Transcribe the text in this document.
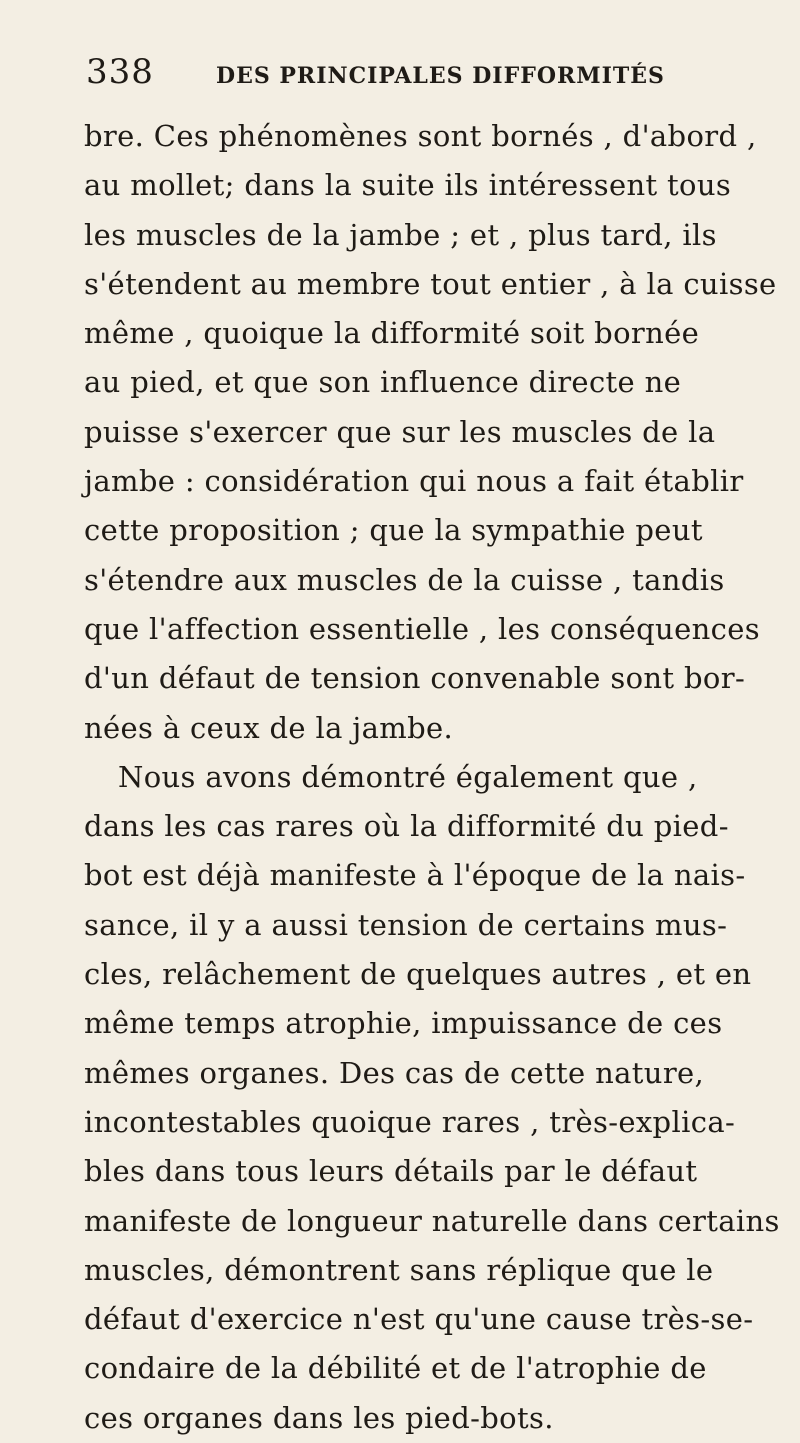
338	DES PRINCIPALES DIFFORMITÉS
bre. Ces phénomènes sont bornés , d'abord ,
au mollet; dans la suite ils intéressent tous
les muscles de la jambe ; et , plus tard, ils
s'étendent au membre tout entier , à la cuisse
même , quoique la difformité soit bornée
au pied, et que son influence directe ne
puisse s'exercer que sur les muscles de la
jambe : considération qui nous a fait établir
cette proposition ; que la sympathie peut
s'étendre aux muscles de la cuisse , tandis
que l'affection essentielle , les conséquences
d'un défaut de tension convenable sont bor-
nées à ceux de la jambe.
Nous avons démontré également que ,
dans les cas rares où la difformité du pied-
bot est déjà manifeste à l'époque de la nais-
sance, il y a aussi tension de certains mus-
cles, relâchement de quelques autres , et en
même temps atrophie, impuissance de ces
mêmes organes. Des cas de cette nature,
incontestables quoique rares , très-explica-
bles dans tous leurs détails par le défaut
manifeste de longueur naturelle dans certains
muscles, démontrent sans réplique que le
défaut d'exercice n'est qu'une cause très-se-
condaire de la débilité et de l'atrophie de
ces organes dans les pied-bots.
